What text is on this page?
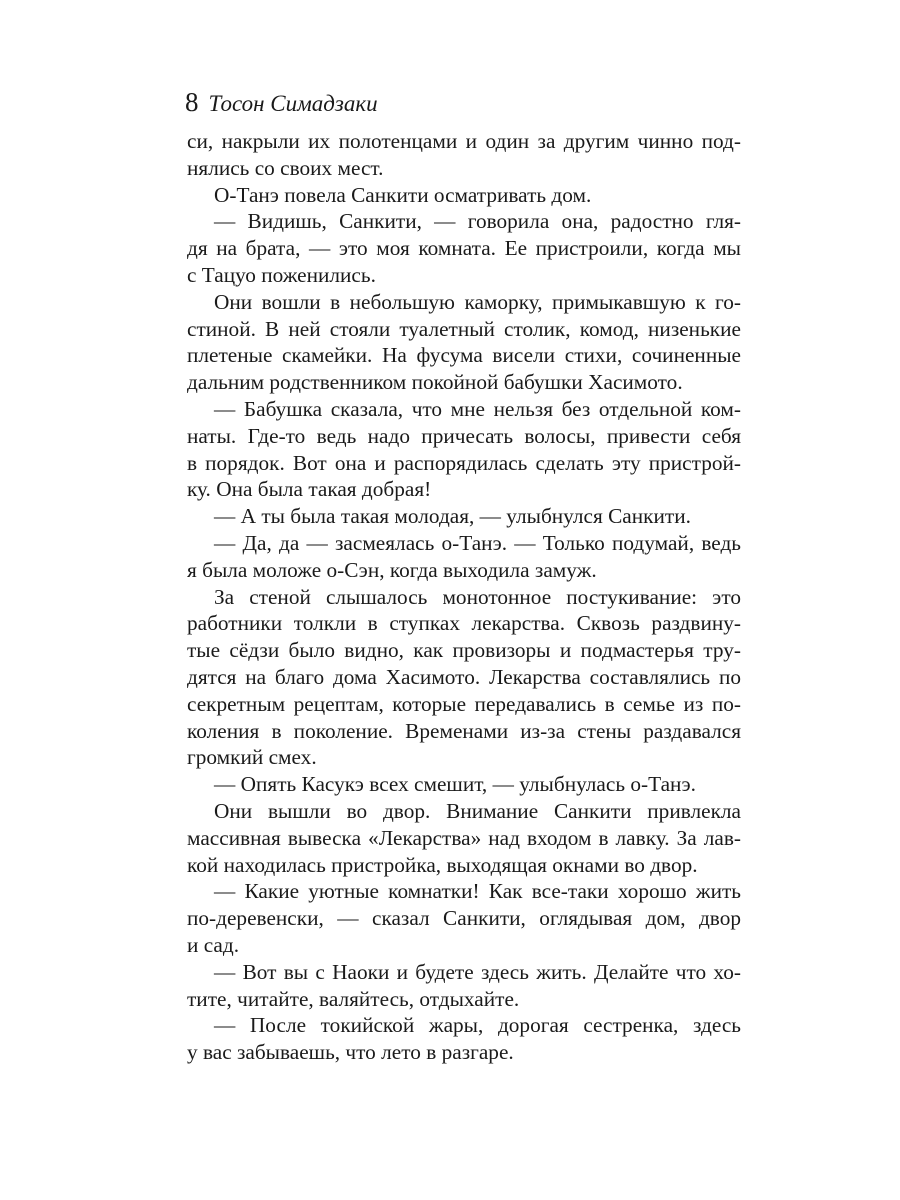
8 Тосон Симадзаки
си, накрыли их полотенцами и один за другим чинно под-
нялись со своих мест.
О-Танэ повела Санкити осматривать дом.
— Видишь, Санкити, — говорила она, радостно гля-
дя на брата, — это моя комната. Ее пристроили, когда мы
с Тацуо поженились.
Они вошли в небольшую каморку, примыкавшую к го-
стиной. В ней стояли туалетный столик, комод, низенькие
плетеные скамейки. На фусума висели стихи, сочиненные
дальним родственником покойной бабушки Хасимото.
— Бабушка сказала, что мне нельзя без отдельной ком-
наты. Где-то ведь надо причесать волосы, привести себя
в порядок. Вот она и распорядилась сделать эту пристрой-
ку. Она была такая добрая!
— А ты была такая молодая, — улыбнулся Санкити.
— Да, да — засмеялась о-Танэ. — Только подумай, ведь
я была моложе о-Сэн, когда выходила замуж.
За стеной слышалось монотонное постукивание: это
работники толкли в ступках лекарства. Сквозь раздвину-
тые сёдзи было видно, как провизоры и подмастерья тру-
дятся на благо дома Хасимото. Лекарства составлялись по
секретным рецептам, которые передавались в семье из по-
коления в поколение. Временами из-за стены раздавался
громкий смех.
— Опять Касукэ всех смешит, — улыбнулась о-Танэ.
Они вышли во двор. Внимание Санкити привлекла
массивная вывеска «Лекарства» над входом в лавку. За лав-
кой находилась пристройка, выходящая окнами во двор.
— Какие уютные комнатки! Как все-таки хорошо жить
по-деревенски, — сказал Санкити, оглядывая дом, двор
и сад.
— Вот вы с Наоки и будете здесь жить. Делайте что хо-
тите, читайте, валяйтесь, отдыхайте.
— После токийской жары, дорогая сестренка, здесь
у вас забываешь, что лето в разгаре.
